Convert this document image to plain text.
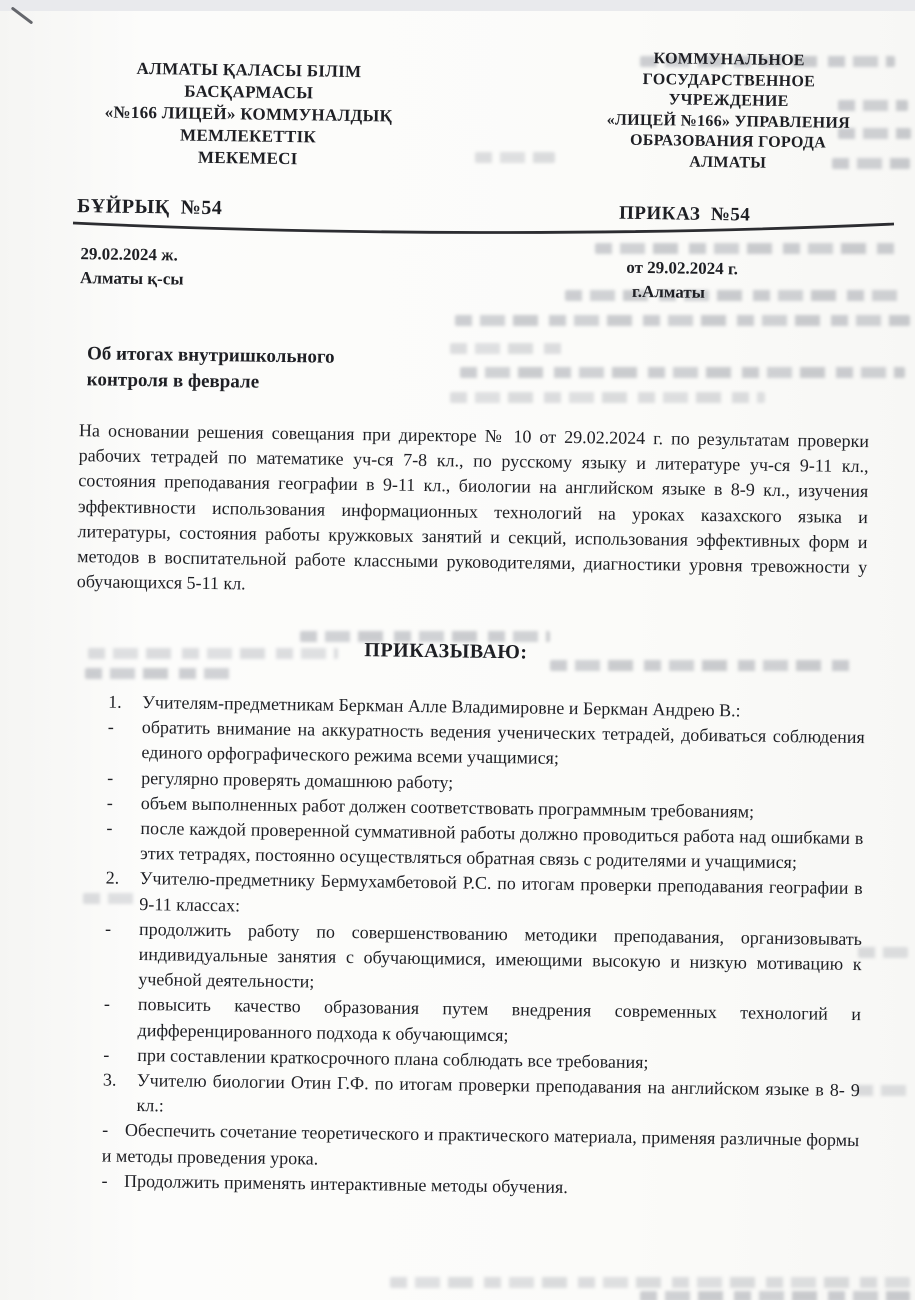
АЛМАТЫ ҚАЛАСЫ БІЛІМ
БАСҚАРМАСЫ
«№166 ЛИЦЕЙ» КОММУНАЛДЫҚ
МЕМЛЕКЕТТІК
МЕКЕМЕСІ
КОММУНАЛЬНОЕ
ГОСУДАРСТВЕННОЕ
УЧРЕЖДЕНИЕ
«ЛИЦЕЙ №166» УПРАВЛЕНИЯ
ОБРАЗОВАНИЯ ГОРОДА
АЛМАТЫ
БҰЙРЫҚ  №54	ПРИКАЗ  №54
29.02.2024 ж.
Алматы қ-сы
от 29.02.2024 г.
г.Алматы
Об итогах внутришкольного
контроля в феврале
На основании решения совещания при директоре № 10 от 29.02.2024 г. по результатам проверки рабочих тетрадей по математике уч-ся 7-8 кл., по русскому языку и литературе уч-ся 9-11 кл., состояния преподавания географии в 9-11 кл., биологии на английском языке в 8-9 кл., изучения эффективности использования информационных технологий на уроках казахского языка и литературы, состояния работы кружковых занятий и секций, использования эффективных форм и методов в воспитательной работе классными руководителями, диагностики уровня тревожности у обучающихся 5-11 кл.
ПРИКАЗЫВАЮ:
1.	Учителям-предметникам Беркман Алле Владимировне и Беркман Андрею В.:
-	обратить внимание на аккуратность ведения ученических тетрадей, добиваться соблюдения единого орфографического режима всеми учащимися;
-	регулярно проверять домашнюю работу;
-	объем выполненных работ должен соответствовать программным требованиям;
-	после каждой проверенной суммативной работы должно проводиться работа над ошибками в этих тетрадях, постоянно осуществляться обратная связь с родителями и учащимися;
2.	Учителю-предметнику Бермухамбетовой Р.С. по итогам проверки преподавания географии в 9-11 классах:
-	продолжить работу по совершенствованию методики преподавания, организовывать индивидуальные занятия с обучающимися, имеющими высокую и низкую мотивацию к учебной деятельности;
-	повысить качество образования путем внедрения современных технологий и дифференцированного подхода к обучающимся;
-	при составлении краткосрочного плана соблюдать все требования;
3.	Учителю биологии Отин Г.Ф. по итогам проверки преподавания на английском языке в 8- 9 кл.:
- Обеспечить сочетание теоретического и практического материала, применяя различные формы и методы проведения урока.
- Продолжить применять интерактивные методы обучения.
